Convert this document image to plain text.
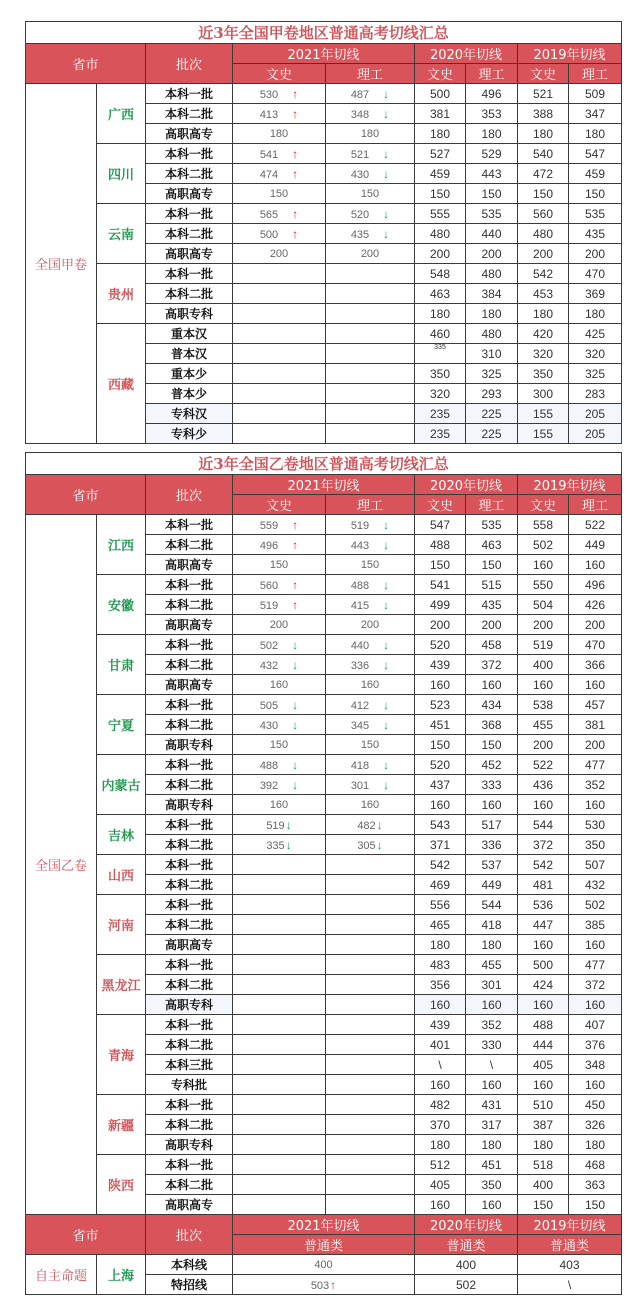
近3年全国甲卷地区普通高考切线汇总								
省市		批次	2021年切线		2020年切线		2019年切线	
			文史	理工	文史	理工	文史	理工
全国甲卷	广西	本科一批	530 ↑	487 ↓	500	496	521	509
		本科二批	413 ↑	348 ↓	381	353	388	347
		高职高专	180	180	180	180	180	180
	四川	本科一批	541 ↑	521 ↓	527	529	540	547
		本科二批	474 ↑	430 ↓	459	443	472	459
		高职高专	150	150	150	150	150	150
	云南	本科一批	565 ↑	520 ↓	555	535	560	535
		本科二批	500 ↑	435 ↓	480	440	480	435
		高职高专	200	200	200	200	200	200
	贵州	本科一批			548	480	542	470
		本科二批			463	384	453	369
		高职专科			180	180	180	180
	西藏	重本汉			460	480	420	425
		普本汉			335	310	320	320
		重本少			350	325	350	325
		普本少			320	293	300	283
		专科汉			235	225	155	205
		专科少			235	225	155	205
近3年全国乙卷地区普通高考切线汇总								
省市		批次	2021年切线		2020年切线		2019年切线	
			文史	理工	文史	理工	文史	理工
全国乙卷	江西	本科一批	559 ↑	519 ↓	547	535	558	522
		本科二批	496 ↑	443 ↓	488	463	502	449
		高职高专	150	150	150	150	160	160
	安徽	本科一批	560 ↑	488 ↓	541	515	550	496
		本科二批	519 ↑	415 ↓	499	435	504	426
		高职高专	200	200	200	200	200	200
	甘肃	本科一批	502 ↓	440 ↓	520	458	519	470
		本科二批	432 ↓	336 ↓	439	372	400	366
		高职高专	160	160	160	160	160	160
	宁夏	本科一批	505 ↓	412 ↓	523	434	538	457
		本科二批	430 ↓	345 ↓	451	368	455	381
		高职专科	150	150	150	150	200	200
	内蒙古	本科一批	488 ↓	418 ↓	520	452	522	477
		本科二批	392 ↓	301 ↓	437	333	436	352
		高职专科	160	160	160	160	160	160
	吉林	本科一批	519↓	482↓	543	517	544	530
		本科二批	335↓	305↓	371	336	372	350
	山西	本科一批			542	537	542	507
		本科二批			469	449	481	432
	河南	本科一批			556	544	536	502
		本科二批			465	418	447	385
		高职高专			180	180	160	160
	黑龙江	本科一批			483	455	500	477
		本科二批			356	301	424	372
		高职专科			160	160	160	160
	青海	本科一批			439	352	488	407
		本科二批			401	330	444	376
		本科三批			\	\	405	348
		专科批			160	160	160	160
	新疆	本科一批			482	431	510	450
		本科二批			370	317	387	326
		高职专科			180	180	180	180
	陕西	本科一批			512	451	518	468
		本科二批			405	350	400	363
		高职高专			160	160	150	150
省市		批次	2021年切线		2020年切线		2019年切线	
			普通类		普通类		普通类	
自主命题	上海	本科线	400		400		403	
		特招线	503↑		502		\	
